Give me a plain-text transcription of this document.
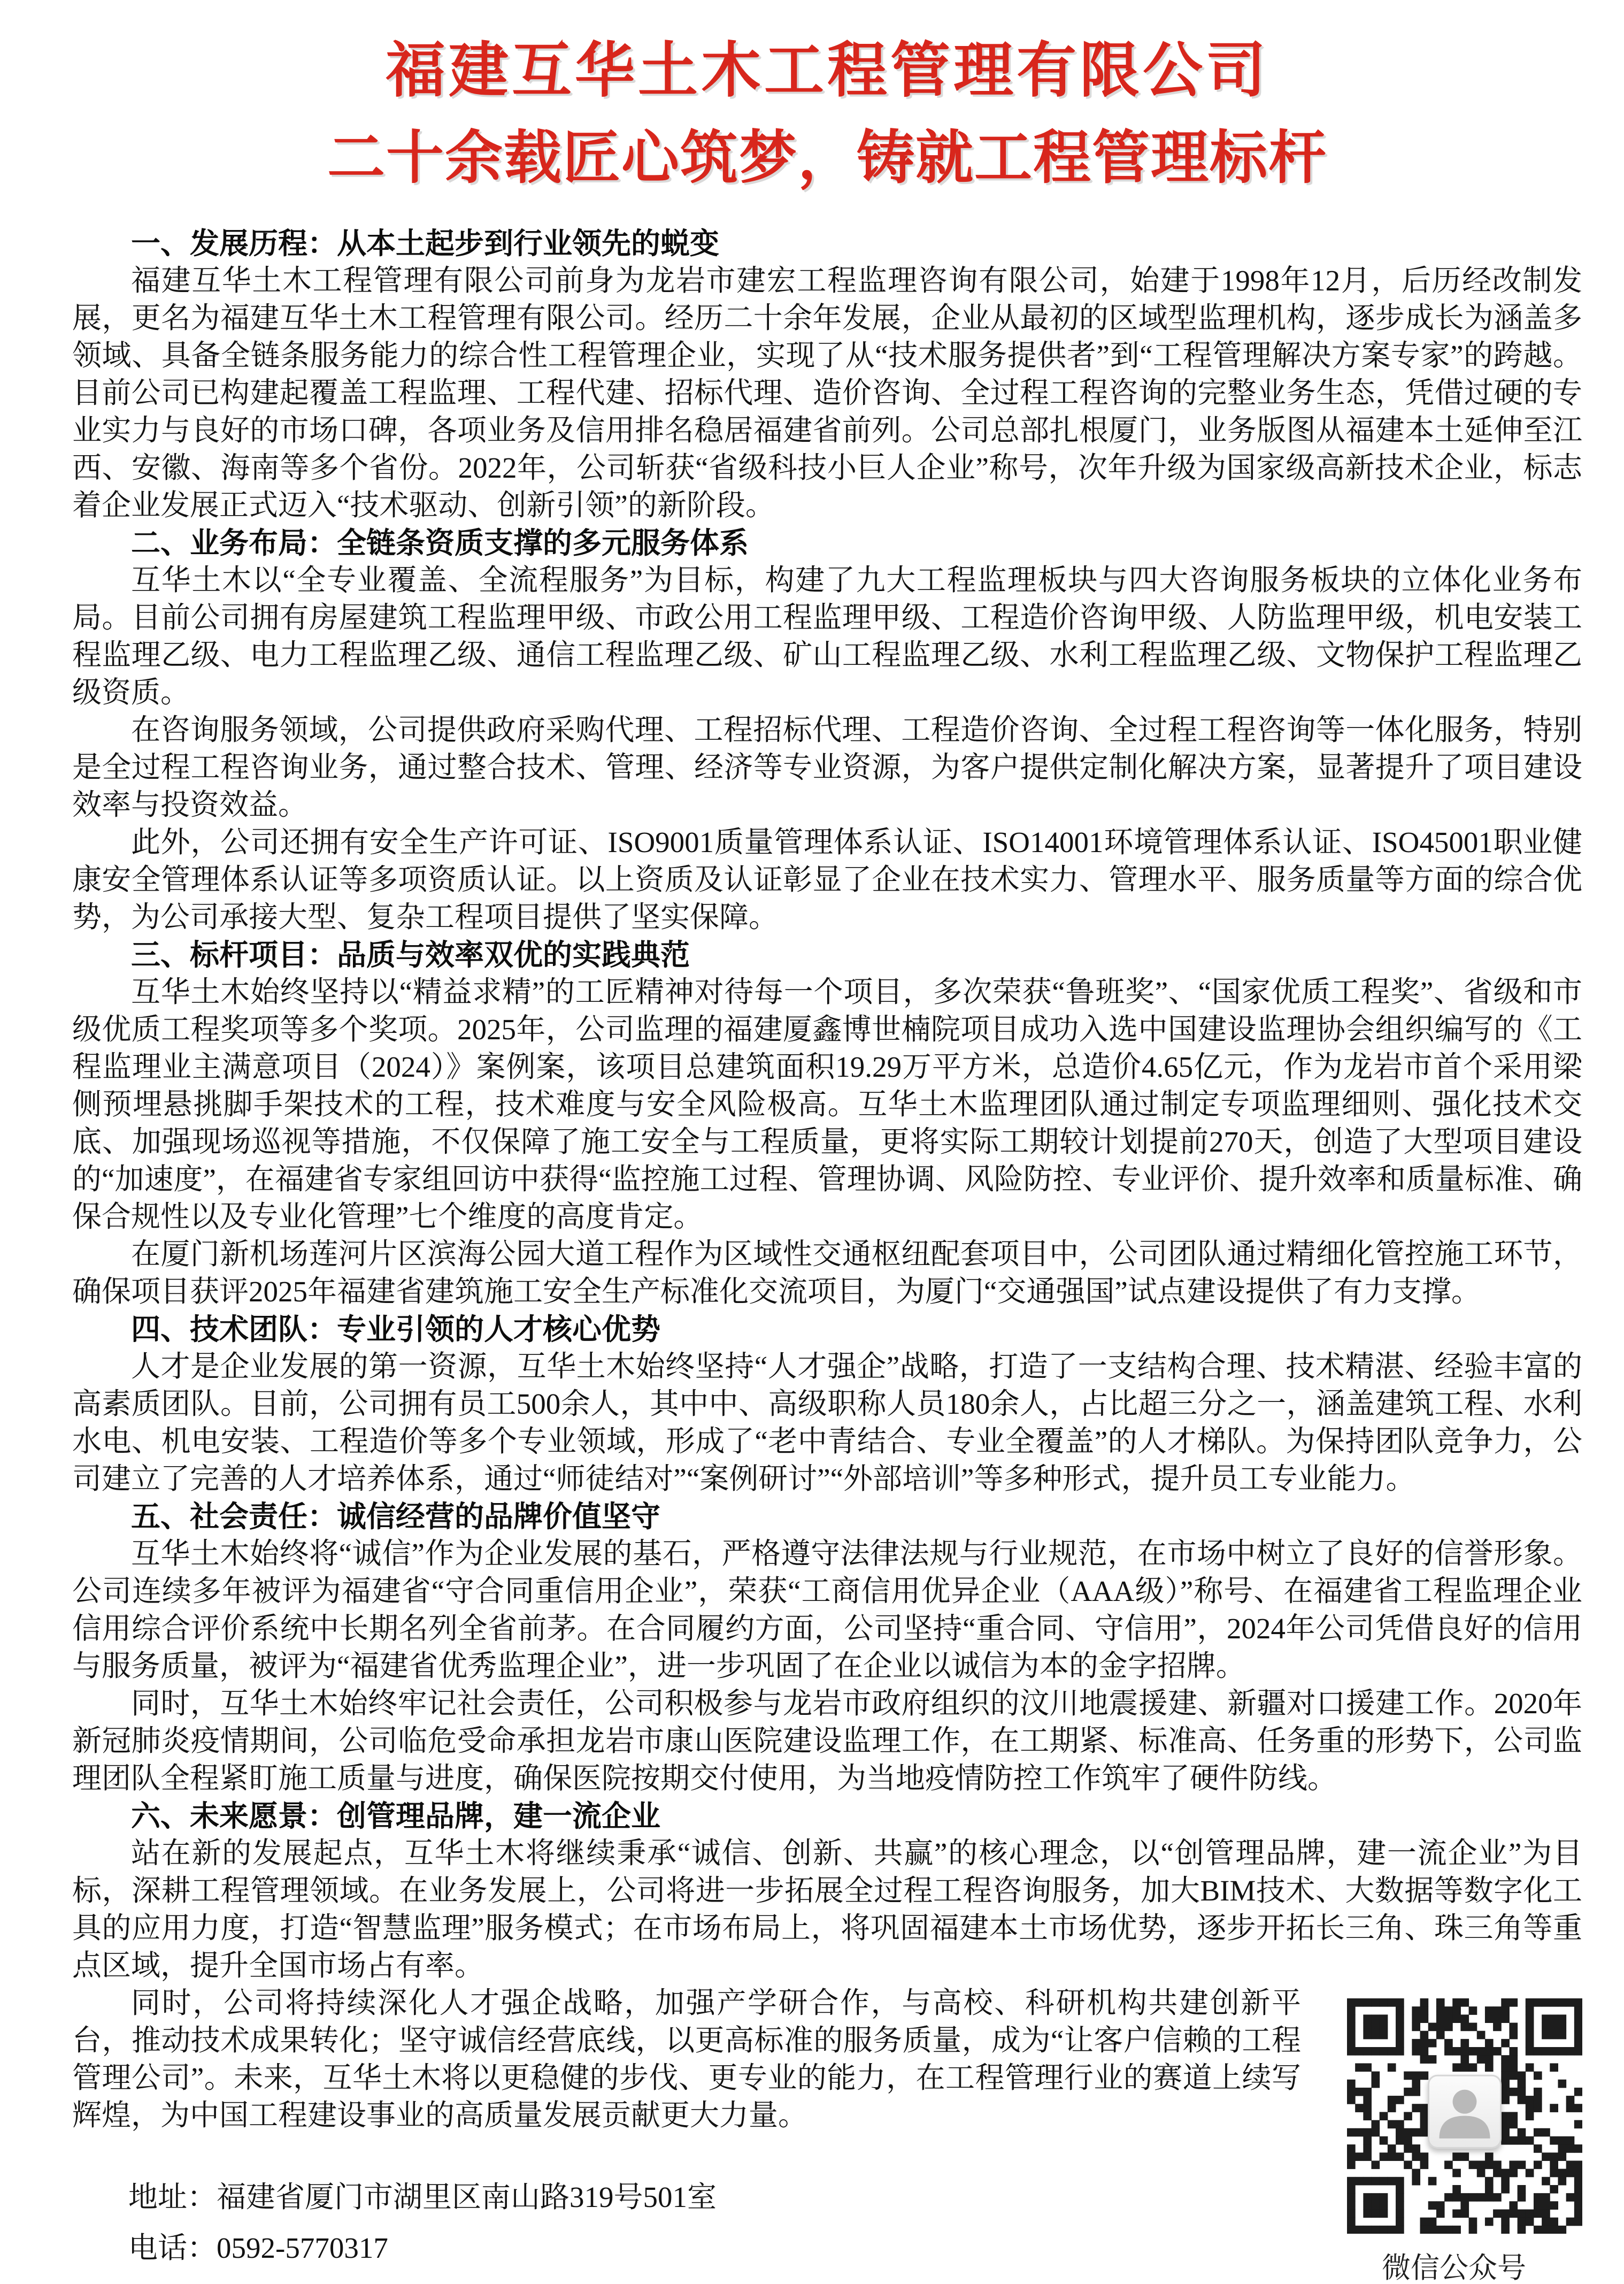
福建互华土木工程管理有限公司
二十余载匠心筑梦，铸就工程管理标杆
一、发展历程：从本土起步到行业领先的蜕变

福建互华土木工程管理有限公司前身为龙岩市建宏工程监理咨询有限公司，始建于1998年12月，后历经改制发展，更名为福建互华土木工程管理有限公司。经历二十余年发展，企业从最初的区域型监理机构，逐步成长为涵盖多领域、具备全链条服务能力的综合性工程管理企业，实现了从“技术服务提供者”到“工程管理解决方案专家”的跨越。目前公司已构建起覆盖工程监理、工程代建、招标代理、造价咨询、全过程工程咨询的完整业务生态，凭借过硬的专业实力与良好的市场口碑，各项业务及信用排名稳居福建省前列。公司总部扎根厦门，业务版图从福建本土延伸至江西、安徽、海南等多个省份。2022年，公司斩获“省级科技小巨人企业”称号，次年升级为国家级高新技术企业，标志着企业发展正式迈入“技术驱动、创新引领”的新阶段。

二、业务布局：全链条资质支撑的多元服务体系

互华土木以“全专业覆盖、全流程服务”为目标，构建了九大工程监理板块与四大咨询服务板块的立体化业务布局。目前公司拥有房屋建筑工程监理甲级、市政公用工程监理甲级、工程造价咨询甲级、人防监理甲级，机电安装工程监理乙级、电力工程监理乙级、通信工程监理乙级、矿山工程监理乙级、水利工程监理乙级、文物保护工程监理乙级资质。

在咨询服务领域，公司提供政府采购代理、工程招标代理、工程造价咨询、全过程工程咨询等一体化服务，特别是全过程工程咨询业务，通过整合技术、管理、经济等专业资源，为客户提供定制化解决方案，显著提升了项目建设效率与投资效益。

此外，公司还拥有安全生产许可证、ISO9001质量管理体系认证、ISO14001环境管理体系认证、ISO45001职业健康安全管理体系认证等多项资质认证。以上资质及认证彰显了企业在技术实力、管理水平、服务质量等方面的综合优势，为公司承接大型、复杂工程项目提供了坚实保障。

三、标杆项目：品质与效率双优的实践典范

互华土木始终坚持以“精益求精”的工匠精神对待每一个项目，多次荣获“鲁班奖”、“国家优质工程奖”、省级和市级优质工程奖项等多个奖项。2025年，公司监理的福建厦鑫博世楠院项目成功入选中国建设监理协会组织编写的《工程监理业主满意项目（2024）》案例案，该项目总建筑面积19.29万平方米，总造价4.65亿元，作为龙岩市首个采用梁侧预埋悬挑脚手架技术的工程，技术难度与安全风险极高。互华土木监理团队通过制定专项监理细则、强化技术交底、加强现场巡视等措施，不仅保障了施工安全与工程质量，更将实际工期较计划提前270天，创造了大型项目建设的“加速度”，在福建省专家组回访中获得“监控施工过程、管理协调、风险防控、专业评价、提升效率和质量标准、确保合规性以及专业化管理”七个维度的高度肯定。

在厦门新机场莲河片区滨海公园大道工程作为区域性交通枢纽配套项目中，公司团队通过精细化管控施工环节，确保项目获评2025年福建省建筑施工安全生产标准化交流项目，为厦门“交通强国”试点建设提供了有力支撑。

四、技术团队：专业引领的人才核心优势

人才是企业发展的第一资源，互华土木始终坚持“人才强企”战略，打造了一支结构合理、技术精湛、经验丰富的高素质团队。目前，公司拥有员工500余人，其中中、高级职称人员180余人，占比超三分之一，涵盖建筑工程、水利水电、机电安装、工程造价等多个专业领域，形成了“老中青结合、专业全覆盖”的人才梯队。为保持团队竞争力，公司建立了完善的人才培养体系，通过“师徒结对”“案例研讨”“外部培训”等多种形式，提升员工专业能力。

五、社会责任：诚信经营的品牌价值坚守

互华土木始终将“诚信”作为企业发展的基石，严格遵守法律法规与行业规范，在市场中树立了良好的信誉形象。公司连续多年被评为福建省“守合同重信用企业”，荣获“工商信用优异企业（AAA级）”称号、在福建省工程监理企业信用综合评价系统中长期名列全省前茅。在合同履约方面，公司坚持“重合同、守信用”，2024年公司凭借良好的信用与服务质量，被评为“福建省优秀监理企业”，进一步巩固了在企业以诚信为本的金字招牌。

同时，互华土木始终牢记社会责任，公司积极参与龙岩市政府组织的汶川地震援建、新疆对口援建工作。2020年新冠肺炎疫情期间，公司临危受命承担龙岩市康山医院建设监理工作，在工期紧、标准高、任务重的形势下，公司监理团队全程紧盯施工质量与进度，确保医院按期交付使用，为当地疫情防控工作筑牢了硬件防线。

六、未来愿景：创管理品牌，建一流企业

站在新的发展起点，互华土木将继续秉承“诚信、创新、共赢”的核心理念，以“创管理品牌，建一流企业”为目标，深耕工程管理领域。在业务发展上，公司将进一步拓展全过程工程咨询服务，加大BIM技术、大数据等数字化工具的应用力度，打造“智慧监理”服务模式；在市场布局上，将巩固福建本土市场优势，逐步开拓长三角、珠三角等重点区域，提升全国市场占有率。

微信公众号

同时，公司将持续深化人才强企战略，加强产学研合作，与高校、科研机构共建创新平台，推动技术成果转化；坚守诚信经营底线，以更高标准的服务质量，成为“让客户信赖的工程管理公司”。未来，互华土木将以更稳健的步伐、更专业的能力，在工程管理行业的赛道上续写辉煌，为中国工程建设事业的高质量发展贡献更大力量。

地址：福建省厦门市湖里区南山路319号501室
电话：0592-5770317
